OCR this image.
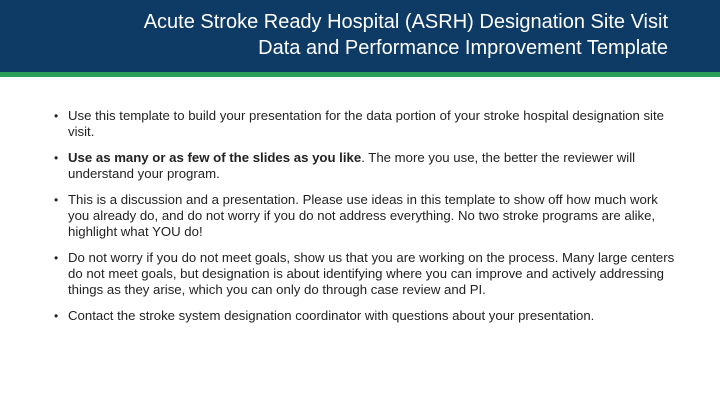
Acute Stroke Ready Hospital (ASRH) Designation Site Visit
Data and Performance Improvement Template
• Use this template to build your presentation for the data portion of your stroke hospital designation site visit.
• Use as many or as few of the slides as you like. The more you use, the better the reviewer will understand your program.
• This is a discussion and a presentation. Please use ideas in this template to show off how much work you already do, and do not worry if you do not address everything. No two stroke programs are alike, highlight what YOU do!
• Do not worry if you do not meet goals, show us that you are working on the process. Many large centers do not meet goals, but designation is about identifying where you can improve and actively addressing things as they arise, which you can only do through case review and PI.
• Contact the stroke system designation coordinator with questions about your presentation.
